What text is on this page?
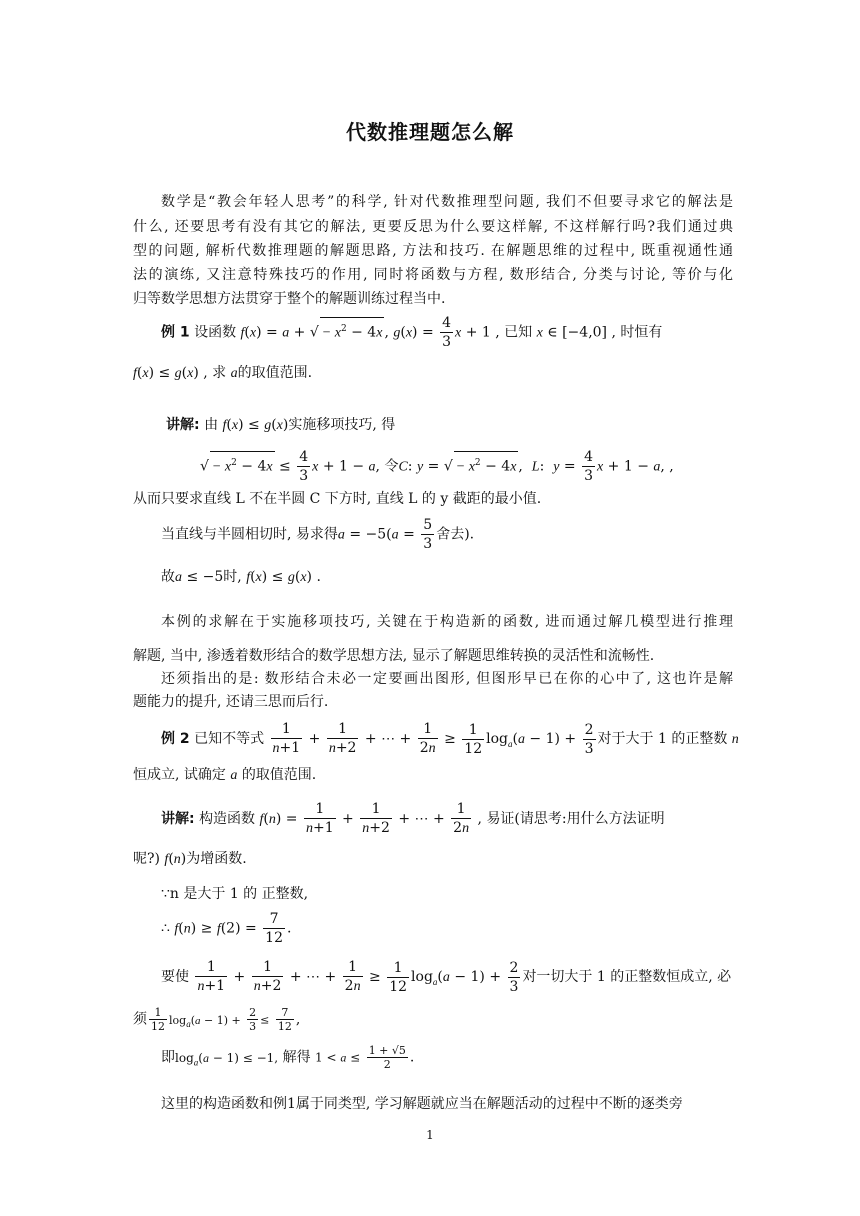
代数推理题怎么解
数学是“教会年轻人思考”的科学, 针对代数推理型问题, 我们不但要寻求它的解法是
什么, 还要思考有没有其它的解法, 更要反思为什么要这样解, 不这样解行吗?我们通过典
型的问题, 解析代数推理题的解题思路, 方法和技巧. 在解题思维的过程中, 既重视通性通
法的演练, 又注意特殊技巧的作用, 同时将函数与方程, 数形结合, 分类与讨论, 等价与化
归等数学思想方法贯穿于整个的解题训练过程当中.
例 1 设函数 f(x) = a + √ − $x^2 - 4x$ , $g(x) = \frac{4}{3}$ x + 1 , 已知 x ∈ [−4,0] , 时恒有
f(x) ≤ g(x) , 求 a的取值范围.
讲解: 由 f(x) ≤ g(x)实施移项技巧, 得
√ − $x^2 - 4x \le \frac{4}{3}$ x + 1 − a, 令C: y = √ − $x^2 - 4x$ ,  L:  $y = \frac{4}{3}$ x + 1 − a, ,
从而只要求直线 L 不在半圆 C 下方时, 直线 L 的 y 截距的最小值.
当直线与半圆相切时, 易求得$a = -5(a = \frac{5}{3}$ 舍去).
故a ≤ −5时, f(x) ≤ g(x) .
本例的求解在于实施移项技巧, 关键在于构造新的函数, 进而通过解几模型进行推理
解题, 当中, 渗透着数形结合的数学思想方法, 显示了解题思维转换的灵活性和流畅性.
还须指出的是: 数形结合未必一定要画出图形, 但图形早已在你的心中了, 这也许是解
题能力的提升, 还请三思而后行.
例 2 已知不等式 $\frac{1}{n+1} + \frac{1}{n+2}$ + ⋯ + $\frac{1}{2n} \ge \frac{1}{12} \log_a(a - 1) + \frac{2}{3}$ 对于大于 1 的正整数 n
恒成立, 试确定 a 的取值范围.
讲解: 构造函数 $f(n) = \frac{1}{n+1} + \frac{1}{n+2}$ + ⋯ + $\frac{1}{2n}$ , 易证(请思考:用什么方法证明
呢?) f(n)为增函数.
∵n 是大于 1 的 正整数,
∴ $f(n) \ge f(2) = \frac{7}{12}$ .
要使 $\frac{1}{n+1} + \frac{1}{n+2}$ + ⋯ + $\frac{1}{2n} \ge \frac{1}{12} \log_a(a - 1) + \frac{2}{3}$ 对一切大于 1 的正整数恒成立, 必
须 $\frac{1}{12} \log_a(a - 1) + \frac{2}{3} \le \frac{7}{12}$ ,
即$\log_a(a - 1) \le -1$, 解得 $1 < a \le \frac{1 + √5}{2}$ .
这里的构造函数和例1属于同类型, 学习解题就应当在解题活动的过程中不断的逐类旁
1
